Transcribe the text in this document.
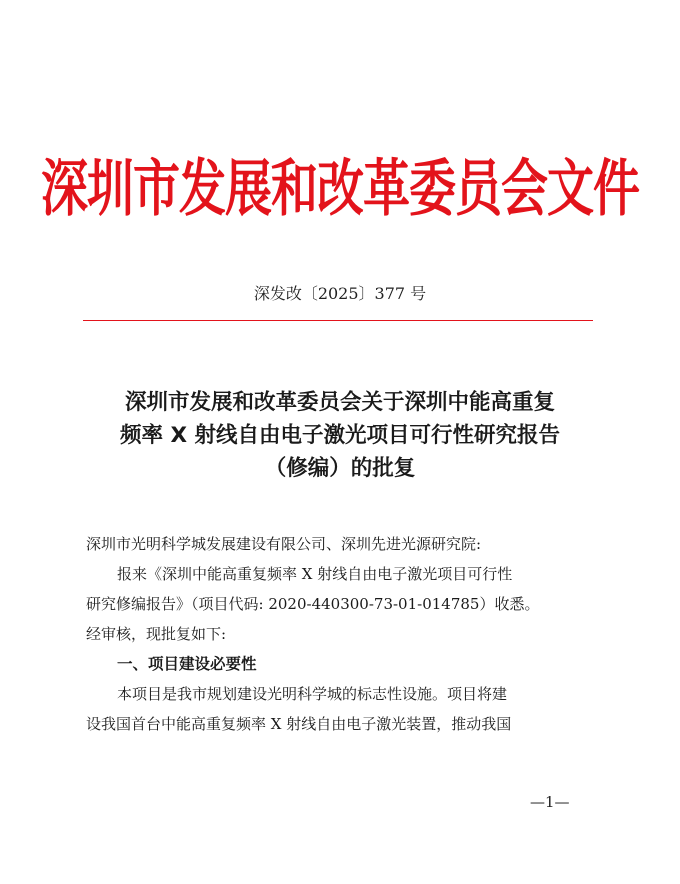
深圳市发展和改革委员会文件
深发改〔2025〕377 号
深圳市发展和改革委员会关于深圳中能高重复
频率 X 射线自由电子激光项目可行性研究报告
（修编）的批复
深圳市光明科学城发展建设有限公司、深圳先进光源研究院:
报来《深圳中能高重复频率 X 射线自由电子激光项目可行性
研究修编报告》（项目代码: 2020-440300-73-01-014785）收悉。
经审核，现批复如下:
一、项目建设必要性
本项目是我市规划建设光明科学城的标志性设施。项目将建
设我国首台中能高重复频率 X 射线自由电子激光装置，推动我国
—1—
